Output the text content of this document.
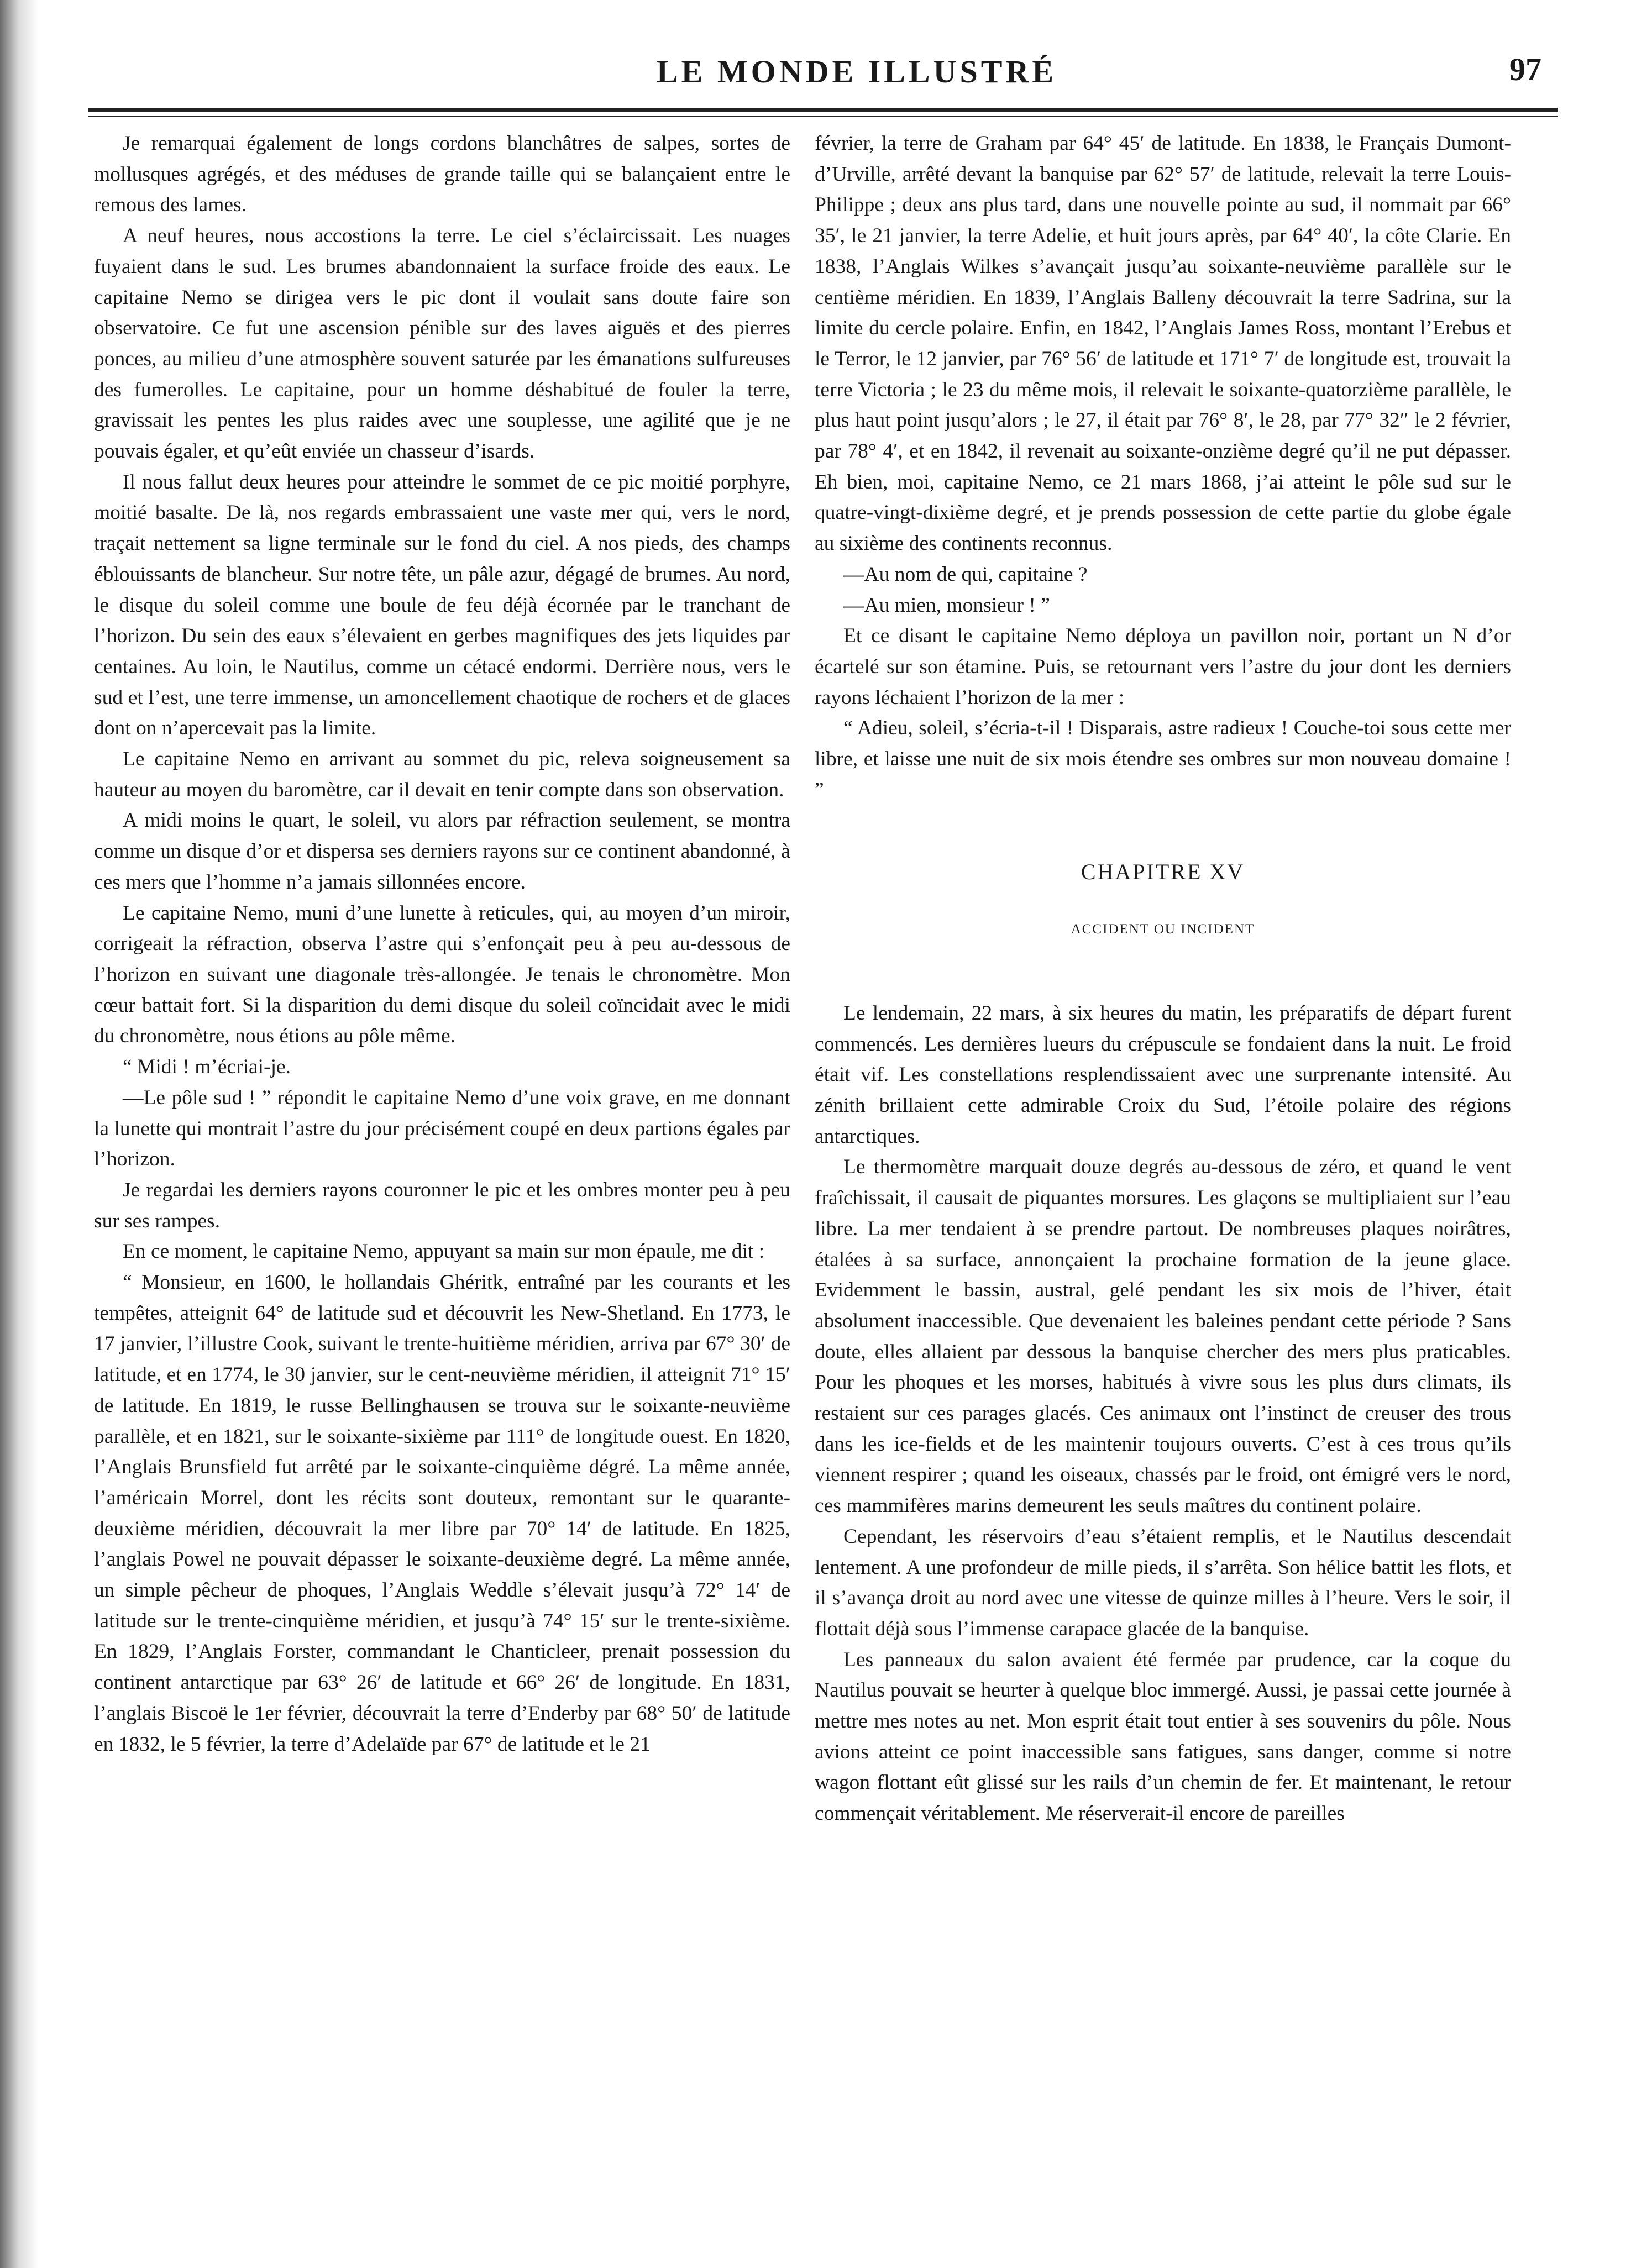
LE MONDE ILLUSTRÉ	97

Je remarquai également de longs cordons blanchâtres de salpes, sortes de mollusques agrégés, et des méduses de grande taille qui se balançaient entre le remous des lames.

A neuf heures, nous accostions la terre. Le ciel s’éclaircissait. Les nuages fuyaient dans le sud. Les brumes abandonnaient la surface froide des eaux. Le capitaine Nemo se dirigea vers le pic dont il voulait sans doute faire son observatoire. Ce fut une ascension pénible sur des laves aiguës et des pierres ponces, au milieu d’une atmosphère souvent saturée par les émanations sulfureuses des fumerolles. Le capitaine, pour un homme déshabitué de fouler la terre, gravissait les pentes les plus raides avec une souplesse, une agilité que je ne pouvais égaler, et qu’eût enviée un chasseur d’isards.

Il nous fallut deux heures pour atteindre le sommet de ce pic moitié porphyre, moitié basalte. De là, nos regards embrassaient une vaste mer qui, vers le nord, traçait nettement sa ligne terminale sur le fond du ciel. A nos pieds, des champs éblouissants de blancheur. Sur notre tête, un pâle azur, dégagé de brumes. Au nord, le disque du soleil comme une boule de feu déjà écornée par le tranchant de l’horizon. Du sein des eaux s’élevaient en gerbes magnifiques des jets liquides par centaines. Au loin, le Nautilus, comme un cétacé endormi. Derrière nous, vers le sud et l’est, une terre immense, un amoncellement chaotique de rochers et de glaces dont on n’apercevait pas la limite.

Le capitaine Nemo en arrivant au sommet du pic, releva soigneusement sa hauteur au moyen du baromètre, car il devait en tenir compte dans son observation.

A midi moins le quart, le soleil, vu alors par réfraction seulement, se montra comme un disque d’or et dispersa ses derniers rayons sur ce continent abandonné, à ces mers que l’homme n’a jamais sillonnées encore.

Le capitaine Nemo, muni d’une lunette à reticules, qui, au moyen d’un miroir, corrigeait la réfraction, observa l’astre qui s’enfonçait peu à peu au-dessous de l’horizon en suivant une diagonale très-allongée. Je tenais le chronomètre. Mon cœur battait fort. Si la disparition du demi disque du soleil coïncidait avec le midi du chronomètre, nous étions au pôle même.

“ Midi ! m’écriai-je.

—Le pôle sud ! ” répondit le capitaine Nemo d’une voix grave, en me donnant la lunette qui montrait l’astre du jour précisément coupé en deux partions égales par l’horizon.

Je regardai les derniers rayons couronner le pic et les ombres monter peu à peu sur ses rampes.

En ce moment, le capitaine Nemo, appuyant sa main sur mon épaule, me dit :

“ Monsieur, en 1600, le hollandais Ghéritk, entraîné par les courants et les tempêtes, atteignit 64° de latitude sud et découvrit les New-Shetland. En 1773, le 17 janvier, l’illustre Cook, suivant le trente-huitième méridien, arriva par 67° 30′ de latitude, et en 1774, le 30 janvier, sur le cent-neuvième méridien, il atteignit 71° 15′ de latitude. En 1819, le russe Bellinghausen se trouva sur le soixante-neuvième parallèle, et en 1821, sur le soixante-sixième par 111° de longitude ouest. En 1820, l’Anglais Brunsfield fut arrêté par le soixante-cinquième dégré. La même année, l’américain Morrel, dont les récits sont douteux, remontant sur le quarante-deuxième méridien, découvrait la mer libre par 70° 14′ de latitude. En 1825, l’anglais Powel ne pouvait dépasser le soixante-deuxième degré. La même année, un simple pêcheur de phoques, l’Anglais Weddle s’élevait jusqu’à 72° 14′ de latitude sur le trente-cinquième méridien, et jusqu’à 74° 15′ sur le trente-sixième. En 1829, l’Anglais Forster, commandant le Chanticleer, prenait possession du continent antarctique par 63° 26′ de latitude et 66° 26′ de longitude. En 1831, l’anglais Biscoë le 1er février, découvrait la terre d’Enderby par 68° 50′ de latitude en 1832, le 5 février, la terre d’Adelaïde par 67° de latitude et le 21

février, la terre de Graham par 64° 45′ de latitude. En 1838, le Français Dumont-d’Urville, arrêté devant la banquise par 62° 57′ de latitude, relevait la terre Louis-Philippe ; deux ans plus tard, dans une nouvelle pointe au sud, il nommait par 66° 35′, le 21 janvier, la terre Adelie, et huit jours après, par 64° 40′, la côte Clarie. En 1838, l’Anglais Wilkes s’avançait jusqu’au soixante-neuvième parallèle sur le centième méridien. En 1839, l’Anglais Balleny découvrait la terre Sadrina, sur la limite du cercle polaire. Enfin, en 1842, l’Anglais James Ross, montant l’Erebus et le Terror, le 12 janvier, par 76° 56′ de latitude et 171° 7′ de longitude est, trouvait la terre Victoria ; le 23 du même mois, il relevait le soixante-quatorzième parallèle, le plus haut point jusqu’alors ; le 27, il était par 76° 8′, le 28, par 77° 32″ le 2 février, par 78° 4′, et en 1842, il revenait au soixante-onzième degré qu’il ne put dépasser. Eh bien, moi, capitaine Nemo, ce 21 mars 1868, j’ai atteint le pôle sud sur le quatre-vingt-dixième degré, et je prends possession de cette partie du globe égale au sixième des continents reconnus.

—Au nom de qui, capitaine ?

—Au mien, monsieur ! ”

Et ce disant le capitaine Nemo déploya un pavillon noir, portant un N d’or écartelé sur son étamine. Puis, se retournant vers l’astre du jour dont les derniers rayons léchaient l’horizon de la mer :

“ Adieu, soleil, s’écria-t-il ! Disparais, astre radieux ! Couche-toi sous cette mer libre, et laisse une nuit de six mois étendre ses ombres sur mon nouveau domaine ! ”

CHAPITRE XV
ACCIDENT OU INCIDENT

Le lendemain, 22 mars, à six heures du matin, les préparatifs de départ furent commencés. Les dernières lueurs du crépuscule se fondaient dans la nuit. Le froid était vif. Les constellations resplendissaient avec une surprenante intensité. Au zénith brillaient cette admirable Croix du Sud, l’étoile polaire des régions antarctiques.

Le thermomètre marquait douze degrés au-dessous de zéro, et quand le vent fraîchissait, il causait de piquantes morsures. Les glaçons se multipliaient sur l’eau libre. La mer tendaient à se prendre partout. De nombreuses plaques noirâtres, étalées à sa surface, annonçaient la prochaine formation de la jeune glace. Evidemment le bassin, austral, gelé pendant les six mois de l’hiver, était absolument inaccessible. Que devenaient les baleines pendant cette période ? Sans doute, elles allaient par dessous la banquise chercher des mers plus praticables. Pour les phoques et les morses, habitués à vivre sous les plus durs climats, ils restaient sur ces parages glacés. Ces animaux ont l’instinct de creuser des trous dans les ice-fields et de les maintenir toujours ouverts. C’est à ces trous qu’ils viennent respirer ; quand les oiseaux, chassés par le froid, ont émigré vers le nord, ces mammifères marins demeurent les seuls maîtres du continent polaire.

Cependant, les réservoirs d’eau s’étaient remplis, et le Nautilus descendait lentement. A une profondeur de mille pieds, il s’arrêta. Son hélice battit les flots, et il s’avança droit au nord avec une vitesse de quinze milles à l’heure. Vers le soir, il flottait déjà sous l’immense carapace glacée de la banquise.

Les panneaux du salon avaient été fermée par prudence, car la coque du Nautilus pouvait se heurter à quelque bloc immergé. Aussi, je passai cette journée à mettre mes notes au net. Mon esprit était tout entier à ses souvenirs du pôle. Nous avions atteint ce point inaccessible sans fatigues, sans danger, comme si notre wagon flottant eût glissé sur les rails d’un chemin de fer. Et maintenant, le retour commençait véritablement. Me réserverait-il encore de pareilles
